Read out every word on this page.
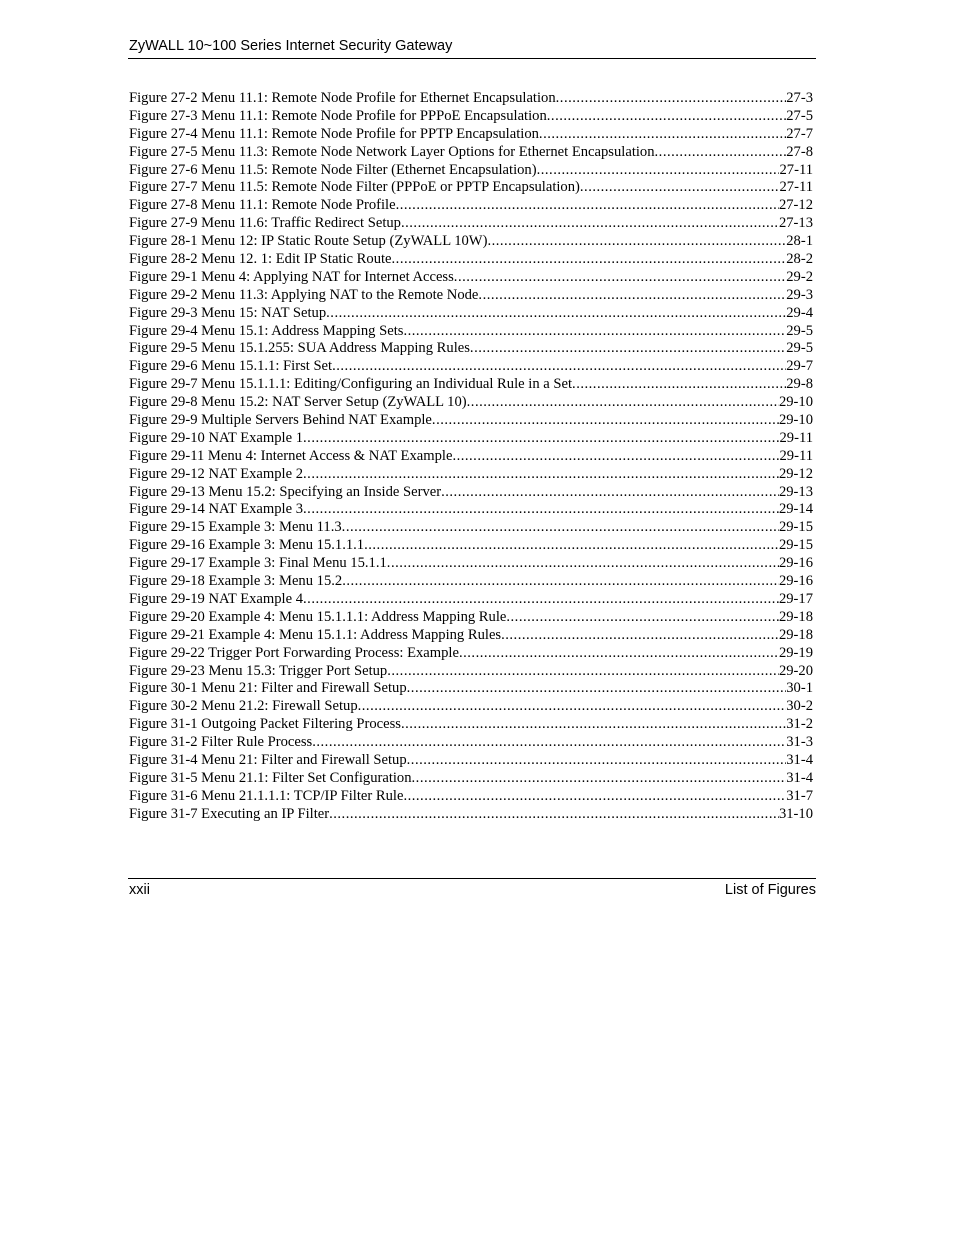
ZyWALL 10~100 Series Internet Security Gateway
Figure 27-2 Menu 11.1: Remote Node Profile for Ethernet Encapsulation .....	27-3
Figure 27-3 Menu 11.1: Remote Node Profile for PPPoE Encapsulation .....	27-5
Figure 27-4 Menu 11.1: Remote Node Profile for PPTP Encapsulation .....	27-7
Figure 27-5 Menu 11.3: Remote Node Network Layer Options for Ethernet Encapsulation .....	27-8
Figure 27-6 Menu 11.5: Remote Node Filter (Ethernet Encapsulation) .....	27-11
Figure 27-7 Menu 11.5: Remote Node Filter (PPPoE or PPTP Encapsulation) .....	27-11
Figure 27-8 Menu 11.1: Remote Node Profile .....	27-12
Figure 27-9 Menu 11.6: Traffic Redirect Setup .....	27-13
Figure 28-1 Menu 12: IP Static Route Setup (ZyWALL 10W) .....	28-1
Figure 28-2 Menu 12. 1: Edit IP Static Route .....	28-2
Figure 29-1 Menu 4: Applying NAT for Internet Access .....	29-2
Figure 29-2 Menu 11.3: Applying NAT to the Remote Node .....	29-3
Figure 29-3 Menu 15: NAT Setup .....	29-4
Figure 29-4 Menu 15.1: Address Mapping Sets .....	29-5
Figure 29-5 Menu 15.1.255: SUA Address Mapping Rules .....	29-5
Figure 29-6 Menu 15.1.1: First Set .....	29-7
Figure 29-7 Menu 15.1.1.1: Editing/Configuring an Individual Rule in a Set .....	29-8
Figure 29-8 Menu 15.2: NAT Server Setup (ZyWALL 10) .....	29-10
Figure 29-9 Multiple Servers Behind NAT Example .....	29-10
Figure 29-10 NAT Example 1 .....	29-11
Figure 29-11 Menu 4: Internet Access & NAT Example .....	29-11
Figure 29-12 NAT Example 2 .....	29-12
Figure 29-13 Menu 15.2: Specifying an Inside Server .....	29-13
Figure 29-14 NAT Example 3 .....	29-14
Figure 29-15 Example 3: Menu 11.3 .....	29-15
Figure 29-16 Example 3: Menu 15.1.1.1 .....	29-15
Figure 29-17 Example 3: Final Menu 15.1.1 .....	29-16
Figure 29-18 Example 3: Menu 15.2 .....	29-16
Figure 29-19 NAT Example 4 .....	29-17
Figure 29-20 Example 4: Menu 15.1.1.1: Address Mapping Rule .....	29-18
Figure 29-21 Example 4: Menu 15.1.1: Address Mapping Rules .....	29-18
Figure 29-22 Trigger Port Forwarding Process: Example .....	29-19
Figure 29-23 Menu 15.3: Trigger Port Setup .....	29-20
Figure 30-1 Menu 21: Filter and Firewall Setup .....	30-1
Figure 30-2 Menu 21.2: Firewall Setup .....	30-2
Figure 31-1 Outgoing Packet Filtering Process .....	31-2
Figure 31-2 Filter Rule Process .....	31-3
Figure 31-4 Menu 21: Filter and Firewall Setup .....	31-4
Figure 31-5 Menu 21.1: Filter Set Configuration .....	31-4
Figure 31-6 Menu 21.1.1.1: TCP/IP Filter Rule .....	31-7
Figure 31-7 Executing an IP Filter .....	31-10
xxii	List of Figures
